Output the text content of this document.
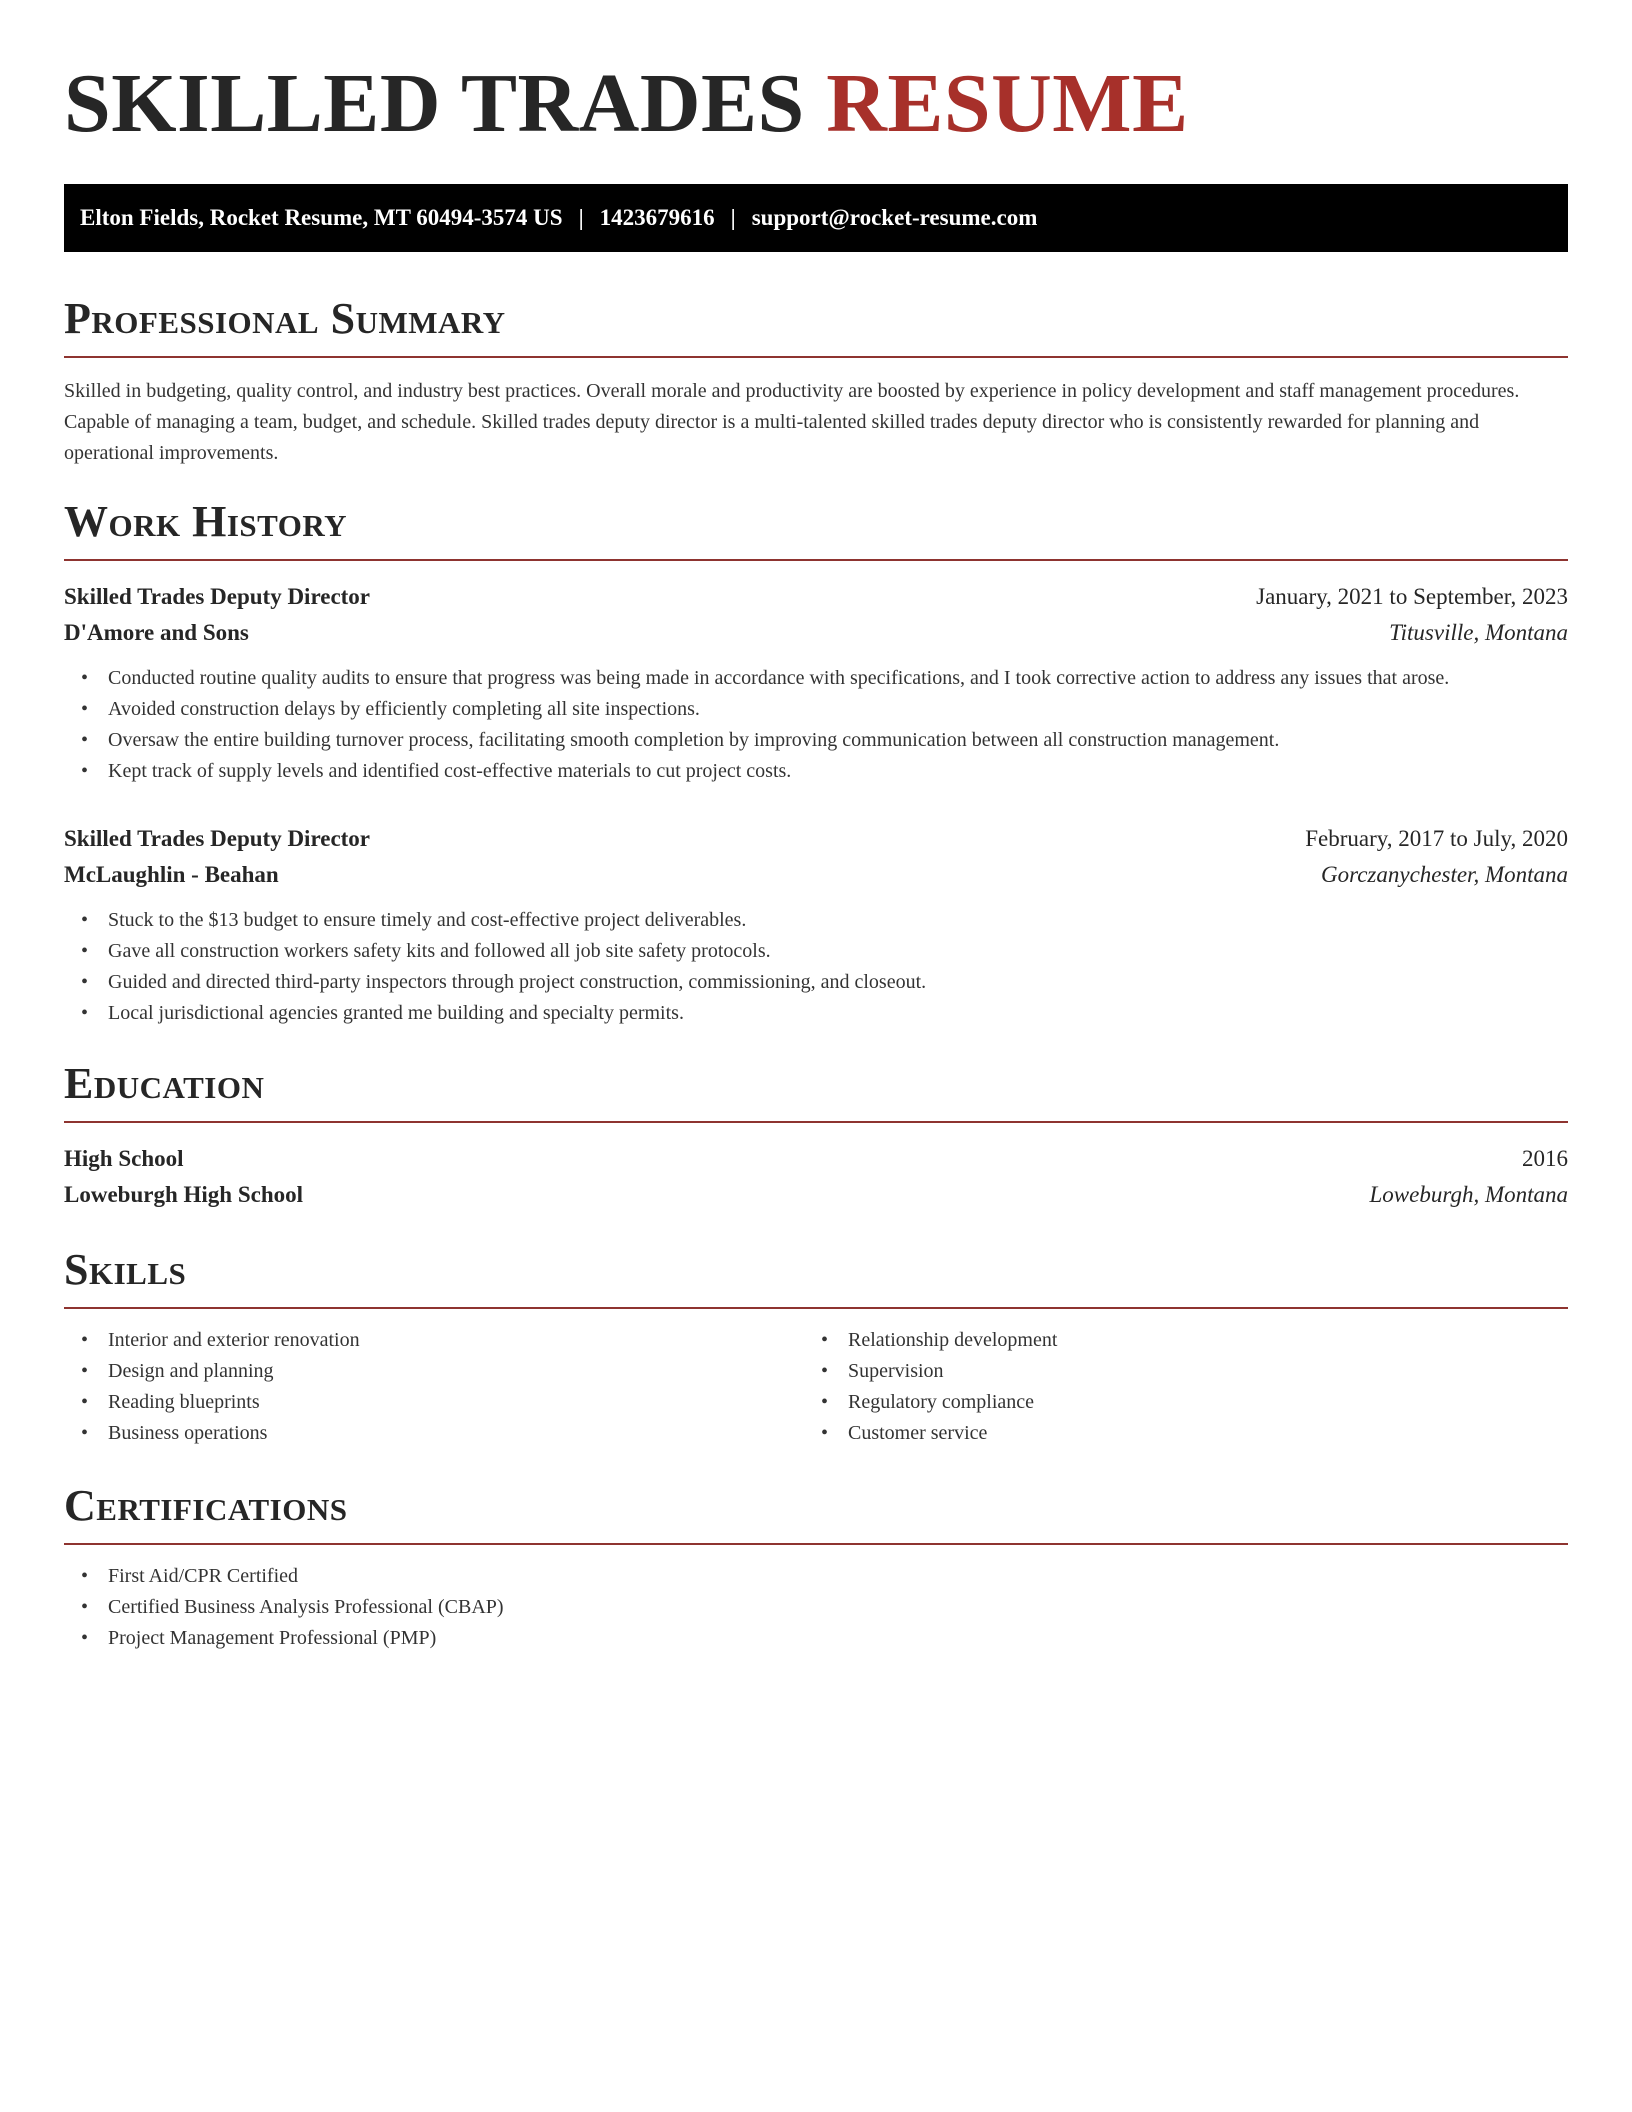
SKILLED TRADES RESUME
Elton Fields, Rocket Resume, MT 60494-3574 US | 1423679616 | support@rocket-resume.com
Professional Summary

Skilled in budgeting, quality control, and industry best practices. Overall morale and productivity are boosted by experience in policy development and staff management procedures. Capable of managing a team, budget, and schedule. Skilled trades deputy director is a multi-talented skilled trades deputy director who is consistently rewarded for planning and operational improvements.

Work History
Skilled Trades Deputy Director	January, 2021 to September, 2023
D'Amore and Sons	Titusville, Montana
• Conducted routine quality audits to ensure that progress was being made in accordance with specifications, and I took corrective action to address any issues that arose.
• Avoided construction delays by efficiently completing all site inspections.
• Oversaw the entire building turnover process, facilitating smooth completion by improving communication between all construction management.
• Kept track of supply levels and identified cost-effective materials to cut project costs.
Skilled Trades Deputy Director	February, 2017 to July, 2020
McLaughlin - Beahan	Gorczanychester, Montana
• Stuck to the $13 budget to ensure timely and cost-effective project deliverables.
• Gave all construction workers safety kits and followed all job site safety protocols.
• Guided and directed third-party inspectors through project construction, commissioning, and closeout.
• Local jurisdictional agencies granted me building and specialty permits.
Education
High School	2016
Loweburgh High School	Loweburgh, Montana
Skills
• Interior and exterior renovation
• Design and planning
• Reading blueprints
• Business operations
• Relationship development
• Supervision
• Regulatory compliance
• Customer service
Certifications
• First Aid/CPR Certified
• Certified Business Analysis Professional (CBAP)
• Project Management Professional (PMP)
